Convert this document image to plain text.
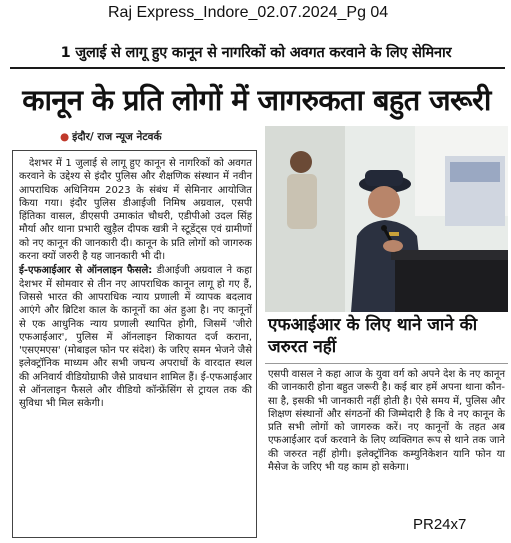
Raj Express_Indore_02.07.2024_Pg 04
1 जुलाई से लागू हुए कानून से नागरिकों को अवगत करवाने के लिए सेमिनार
कानून के प्रति लोगों में जागरुकता बहुत जरूरी
● इंदौर/ राज न्यूज नेटवर्क

देशभर में 1 जुलाई से लागू हुए कानून से नागरिकों को अवगत करवाने के उद्देश्य से इंदौर पुलिस और शैक्षणिक संस्थान में नवीन आपराधिक अधिनियम 2023 के संबंध में सेमिनार आयोजित किया गया। इंदौर पुलिस डीआईजी निमिष अग्रवाल, एसपी हिंतिका वासल, डीएसपी उमाकांत चौधरी, एडीपीओ उदल सिंह मौर्या और थाना प्रभारी खुड़ैल दीपक खत्री ने स्टूडेंट्स एवं ग्रामीणों को नए कानून की जानकारी दी। कानून के प्रति लोगों को जागरुक करना क्यों जरुरी है यह जानकारी भी दी।

ई-एफआईआर से ऑनलाइन फैसले: डीआईजी अग्रवाल ने कहा देशभर में सोमवार से तीन नए आपराधिक कानून लागू हो गए हैं, जिससे भारत की आपराधिक न्याय प्रणाली में व्यापक बदलाव आएंगे और ब्रिटिश काल के कानूनों का अंत हुआ है। नए कानूनों से एक आधुनिक न्याय प्रणाली स्थापित होगी, जिसमें 'जीरो एफआईआर', पुलिस में ऑनलाइन शिकायत दर्ज कराना, 'एसएमएस' (मोबाइल फोन पर संदेश) के जरिए समन भेजने जैसे इलेक्ट्रॉनिक माध्यम और सभी जघन्य अपराधों के वारदात स्थल की अनिवार्य वीडियोग्राफी जैसे प्रावधान शामिल हैं। ई-एफआईआर से ऑनलाइन फैसले और वीडियो कॉन्फ्रेंसिंग से ट्रायल तक की सुविधा भी मिल सकेगी।

एफआईआर के लिए थाने जाने की जरुरत नहीं
एसपी वासल ने कहा आज के युवा वर्ग को अपने देश के नए कानून की जानकारी होना बहुत जरूरी है। कई बार हमें अपना थाना कौन-सा है, इसकी भी जानकारी नहीं होती है। ऐसे समय में, पुलिस और शिक्षण संस्थानों और संगठनों की जिम्मेदारी है कि वे नए कानून के प्रति सभी लोगों को जागरुक करें। नए कानूनों के तहत अब एफआईआर दर्ज करवाने के लिए व्यक्तिगत रूप से थाने तक जाने की जरुरत नहीं होगी। इलेक्ट्रॉनिक कम्युनिकेशन यानि फोन या मैसेज के जरिए भी यह काम हो सकेगा।
PR24x7
